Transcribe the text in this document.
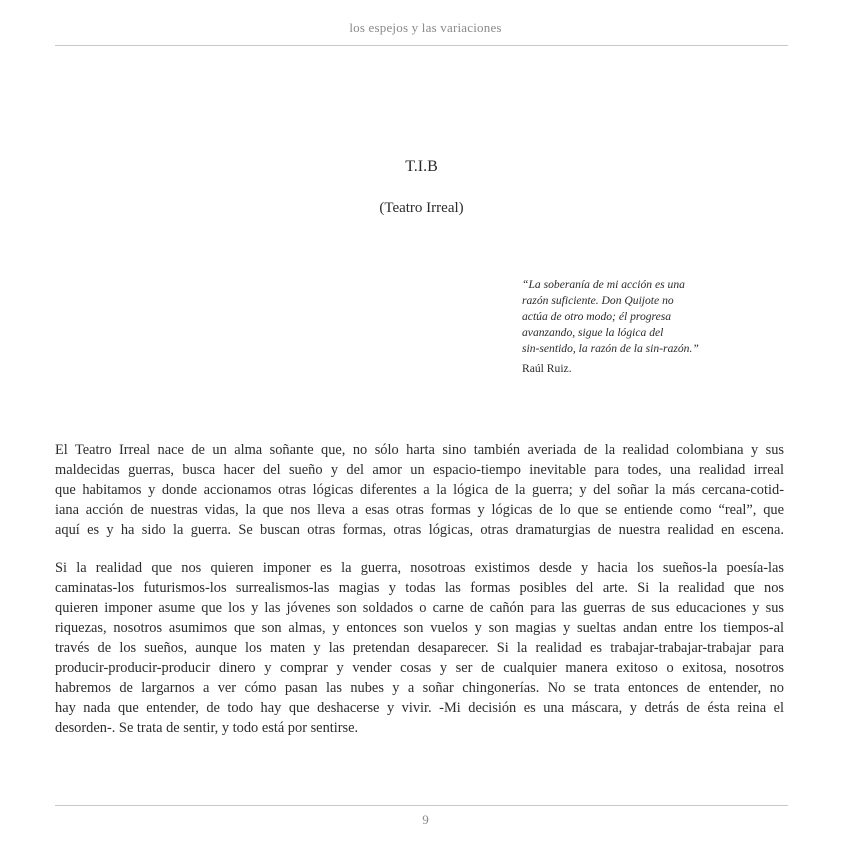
los espejos y las variaciones
T.I.B
(Teatro Irreal)
“La soberanía de mi acción es una
razón suficiente. Don Quijote no
actúa de otro modo; él progresa
avanzando, sigue la lógica del
sin-sentido, la razón de la sin-razón.”
Raúl Ruiz.
El Teatro Irreal nace de un alma soñante que, no sólo harta sino también averiada de la realidad colombiana y sus
maldecidas guerras, busca hacer del sueño y del amor un espacio-tiempo inevitable para todes, una realidad irreal
que habitamos y donde accionamos otras lógicas diferentes a la lógica de la guerra; y del soñar la más cercana-cotid-
iana acción de nuestras vidas, la que nos lleva a esas otras formas y lógicas de lo que se entiende como “real”, que
aquí es y ha sido la guerra. Se buscan otras formas, otras lógicas, otras dramaturgias de nuestra realidad en escena.
Si la realidad que nos quieren imponer es la guerra, nosotroas existimos desde y hacia los sueños-la poesía-las
caminatas-los futurismos-los surrealismos-las magias y todas las formas posibles del arte. Si la realidad que nos
quieren imponer asume que los y las jóvenes son soldados o carne de cañón para las guerras de sus educaciones y sus
riquezas, nosotros asumimos que son almas, y entonces son vuelos y son magias y sueltas andan entre los tiempos-al
través de los sueños, aunque los maten y las pretendan desaparecer. Si la realidad es trabajar-trabajar-trabajar para
producir-producir-producir dinero y comprar y vender cosas y ser de cualquier manera exitoso o exitosa, nosotros
habremos de largarnos a ver cómo pasan las nubes y a soñar chingonerías. No se trata entonces de entender, no
hay nada que entender, de todo hay que deshacerse y vivir. -Mi decisión es una máscara, y detrás de ésta reina el
desorden-. Se trata de sentir, y todo está por sentirse.
9
